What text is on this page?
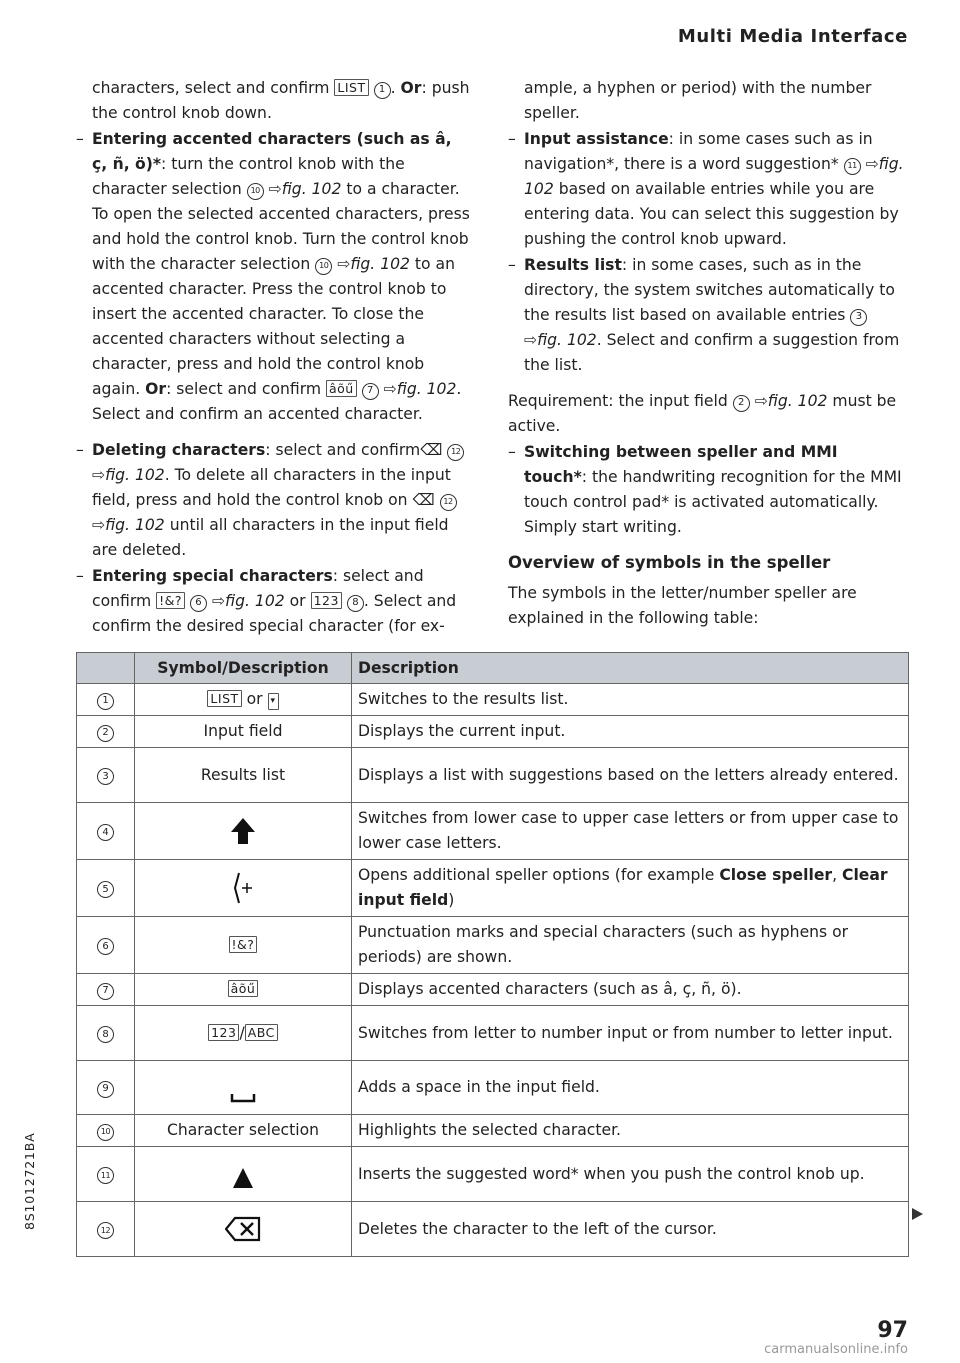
Multi Media Interface

characters, select and confirm LIST 1 . Or: push the control knob down.

– Entering accented characters (such as â, ç, ñ, ö)*: turn the control knob with the character selection 10 ⇨fig. 102 to a character. To open the selected accented characters, press and hold the control knob. Turn the control knob with the character selection 10 ⇨fig. 102 to an accented character. Press the control knob to insert the accented character. To close the accented characters without selecting a character, press and hold the control knob again. Or: select and confirm âõű 7 ⇨fig. 102. Select and confirm an accented character.

– Deleting characters: select and confirm⌫ 12 ⇨fig. 102. To delete all characters in the input field, press and hold the control knob on ⌫ 12 ⇨fig. 102 until all characters in the input field are deleted.

– Entering special characters: select and confirm !&? 6 ⇨fig. 102 or 123 8 . Select and confirm the desired special character (for ex-

ample, a hyphen or period) with the number speller.

– Input assistance: in some cases such as in navigation*, there is a word suggestion* 11 ⇨fig. 102 based on available entries while you are entering data. You can select this suggestion by pushing the control knob upward.

– Results list: in some cases, such as in the directory, the system switches automatically to the results list based on available entries 3 ⇨fig. 102. Select and confirm a suggestion from the list.

Requirement: the input field 2 ⇨fig. 102 must be active.

– Switching between speller and MMI touch*: the handwriting recognition for the MMI touch control pad* is activated automatically. Simply start writing.

Overview of symbols in the speller

The symbols in the letter/number speller are explained in the following table:

	Symbol/Description	Description
1	LIST or ▾	Switches to the results list.
2	Input field	Displays the current input.
3	Results list	Displays a list with suggestions based on the letters already entered.
4		Switches from lower case to upper case letters or from upper case to lower case letters.
5		Opens additional speller options (for example Close speller, Clear input field)
6	!&?	Punctuation marks and special characters (such as hyphens or periods) are shown.
7	âõű	Displays accented characters (such as â, ç, ñ, ö).
8	123 / ABC	Switches from letter to number input or from number to letter input.
9		Adds a space in the input field.
10	Character selection	Highlights the selected character.
11		Inserts the suggested word* when you push the control knob up.
12		Deletes the character to the left of the cursor.
8S1012721BA
97
carmanualsonline.info
